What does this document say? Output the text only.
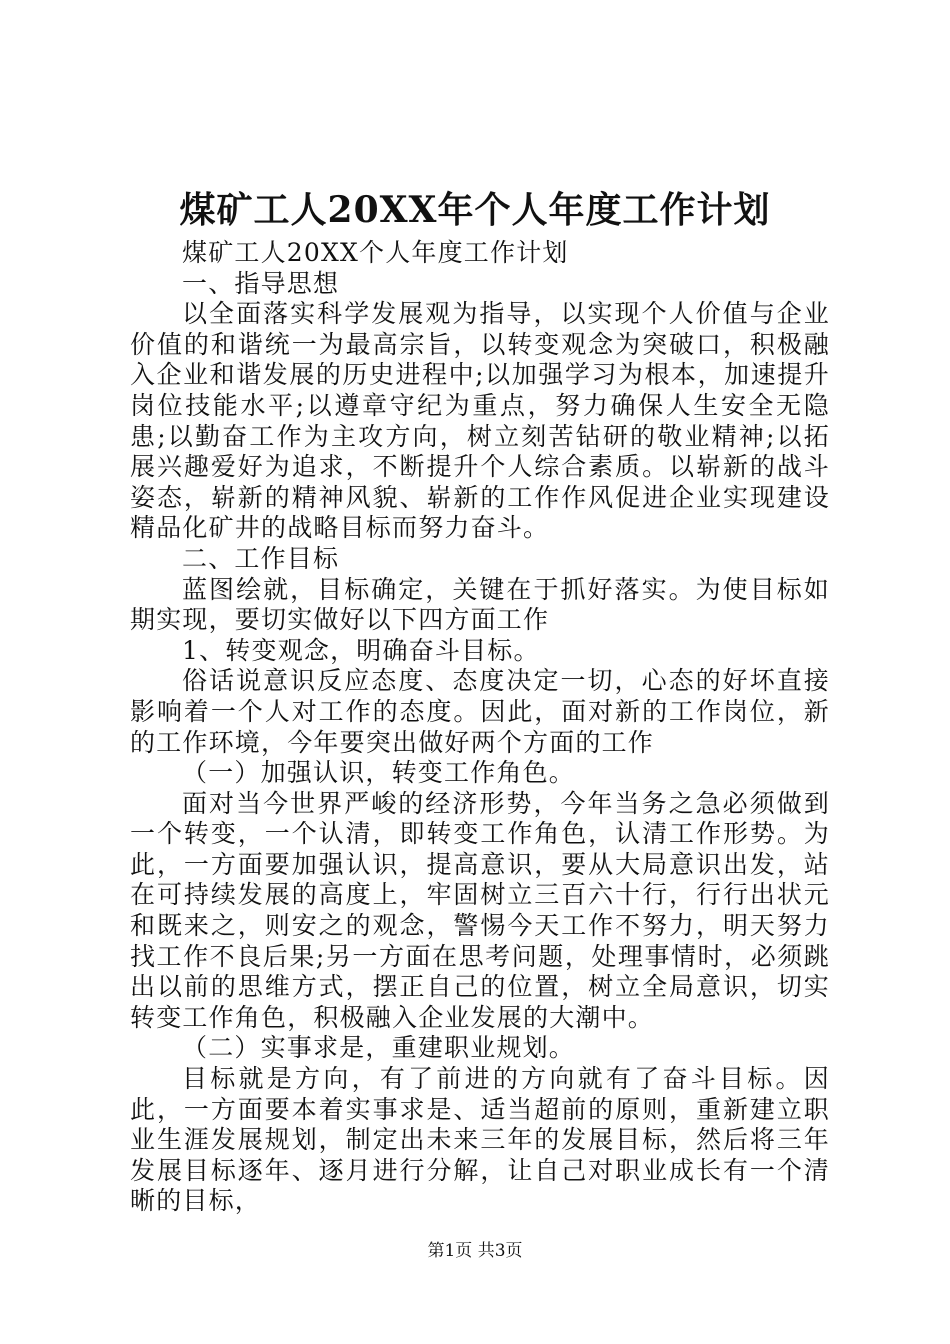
煤矿工人20XX年个人年度工作计划

煤矿工人20XX个人年度工作计划

一、指导思想

以全面落实科学发展观为指导，以实现个人价值与企业价值的和谐统一为最高宗旨，以转变观念为突破口，积极融入企业和谐发展的历史进程中;以加强学习为根本，加速提升岗位技能水平;以遵章守纪为重点，努力确保人生安全无隐患;以勤奋工作为主攻方向，树立刻苦钻研的敬业精神;以拓展兴趣爱好为追求，不断提升个人综合素质。以崭新的战斗姿态，崭新的精神风貌、崭新的工作作风促进企业实现建设精品化矿井的战略目标而努力奋斗。

二、工作目标

蓝图绘就，目标确定，关键在于抓好落实。为使目标如期实现，要切实做好以下四方面工作

1、转变观念，明确奋斗目标。

俗话说意识反应态度、态度决定一切，心态的好坏直接影响着一个人对工作的态度。因此，面对新的工作岗位，新的工作环境，今年要突出做好两个方面的工作

（一）加强认识，转变工作角色。

面对当今世界严峻的经济形势，今年当务之急必须做到一个转变，一个认清，即转变工作角色，认清工作形势。为此，一方面要加强认识，提高意识，要从大局意识出发，站在可持续发展的高度上，牢固树立三百六十行，行行出状元和既来之，则安之的观念，警惕今天工作不努力，明天努力找工作不良后果;另一方面在思考问题，处理事情时，必须跳出以前的思维方式，摆正自己的位置，树立全局意识，切实转变工作角色，积极融入企业发展的大潮中。

（二）实事求是，重建职业规划。

目标就是方向，有了前进的方向就有了奋斗目标。因此，一方面要本着实事求是、适当超前的原则，重新建立职业生涯发展规划，制定出未来三年的发展目标，然后将三年发展目标逐年、逐月进行分解，让自己对职业成长有一个清晰的目标，

第1页 共3页
